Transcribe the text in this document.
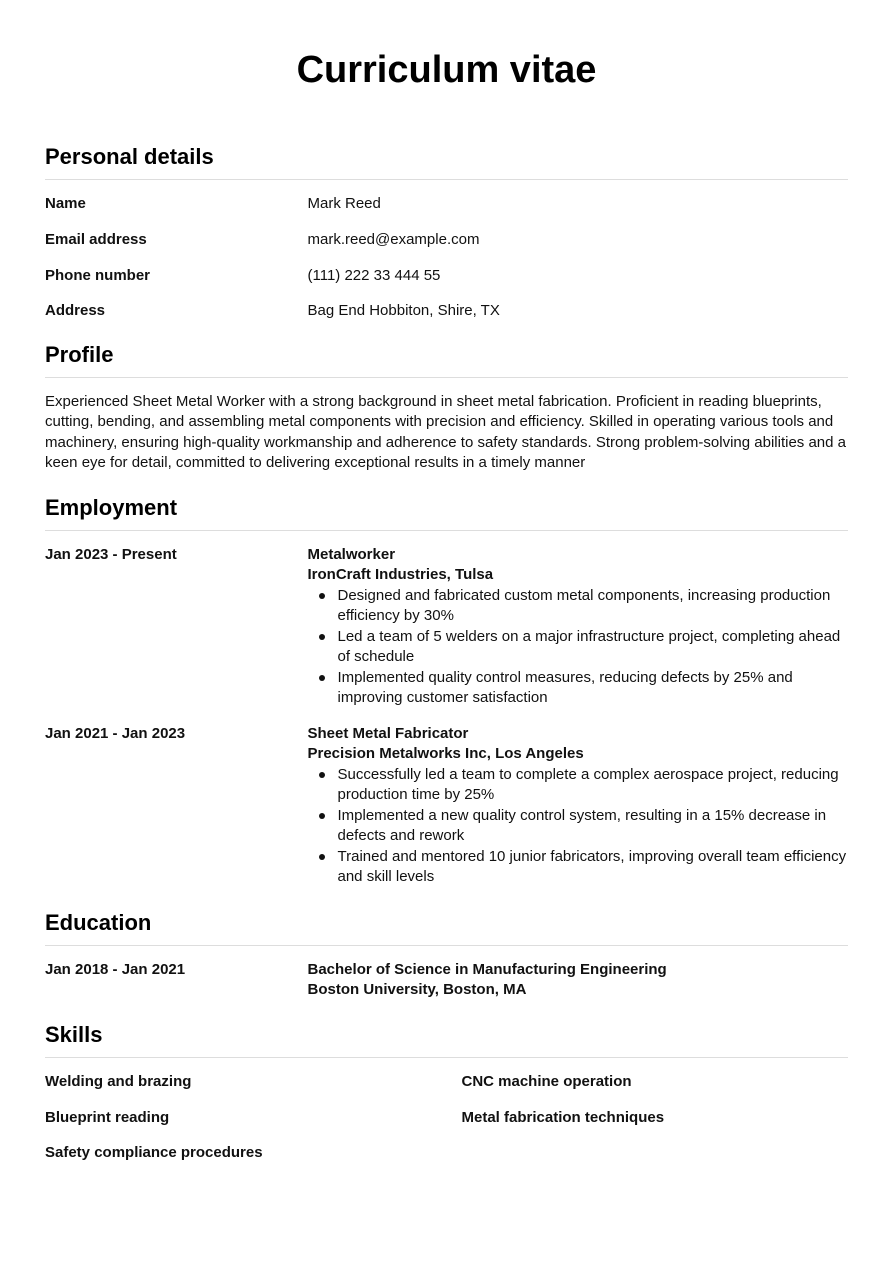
Curriculum vitae
Personal details
Name	Mark Reed
Email address	mark.reed@example.com
Phone number	(111) 222 33 444 55
Address	Bag End Hobbiton, Shire, TX
Profile

Experienced Sheet Metal Worker with a strong background in sheet metal fabrication. Proficient in reading blueprints, cutting, bending, and assembling metal components with precision and efficiency. Skilled in operating various tools and machinery, ensuring high-quality workmanship and adherence to safety standards. Strong problem-solving abilities and a keen eye for detail, committed to delivering exceptional results in a timely manner

Employment
Jan 2023 - Present	Metalworker
IronCraft Industries, Tulsa
Designed and fabricated custom metal components, increasing production efficiency by 30%
Led a team of 5 welders on a major infrastructure project, completing ahead of schedule
Implemented quality control measures, reducing defects by 25% and improving customer satisfaction
Jan 2021 - Jan 2023	Sheet Metal Fabricator
Precision Metalworks Inc, Los Angeles
Successfully led a team to complete a complex aerospace project, reducing production time by 25%
Implemented a new quality control system, resulting in a 15% decrease in defects and rework
Trained and mentored 10 junior fabricators, improving overall team efficiency and skill levels
Education
Jan 2018 - Jan 2021	Bachelor of Science in Manufacturing Engineering
Boston University, Boston, MA
Skills
Welding and brazing	CNC machine operation
Blueprint reading	Metal fabrication techniques
Safety compliance procedures
